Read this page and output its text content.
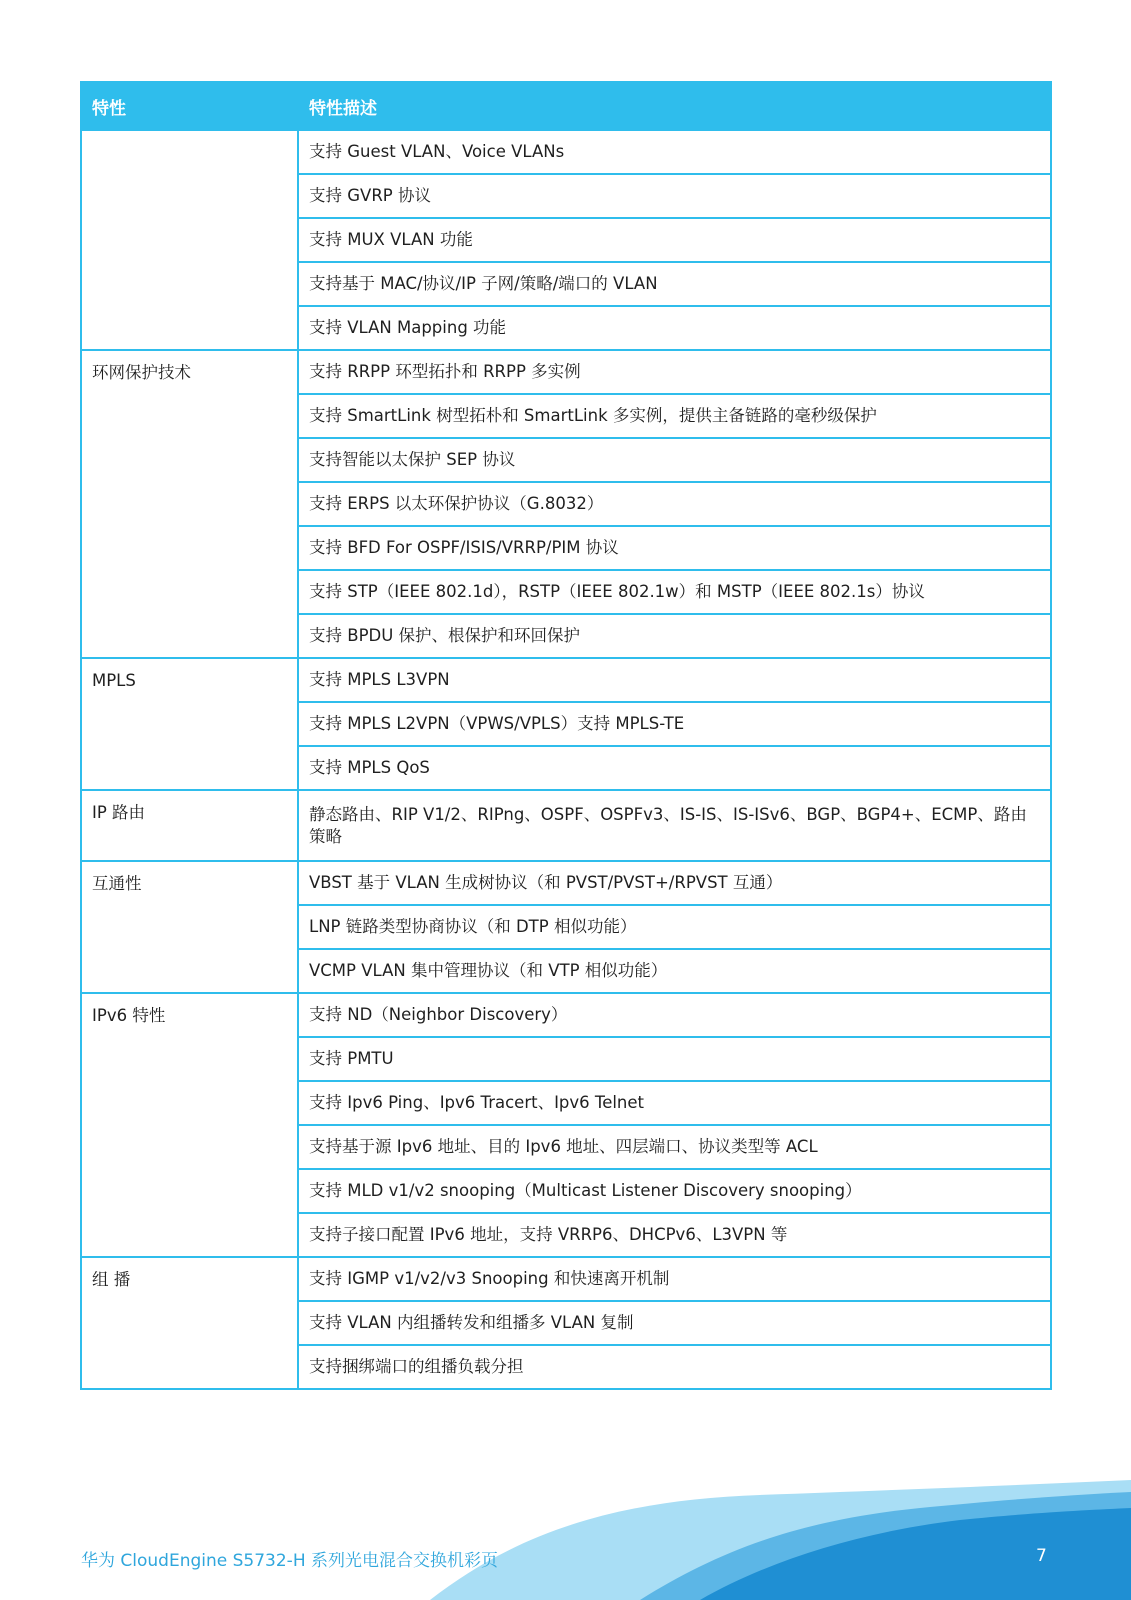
特性	特性描述
	支持 Guest VLAN、Voice VLANs
	支持 GVRP 协议
	支持 MUX VLAN 功能
	支持基于 MAC/协议/IP 子网/策略/端口的 VLAN
	支持 VLAN Mapping 功能
环网保护技术	支持 RRPP 环型拓扑和 RRPP 多实例
	支持 SmartLink 树型拓朴和 SmartLink 多实例，提供主备链路的毫秒级保护
	支持智能以太保护 SEP 协议
	支持 ERPS 以太环保护协议（G.8032）
	支持 BFD For OSPF/ISIS/VRRP/PIM 协议
	支持 STP（IEEE 802.1d），RSTP（IEEE 802.1w）和 MSTP（IEEE 802.1s）协议
	支持 BPDU 保护、根保护和环回保护
MPLS	支持 MPLS L3VPN
	支持 MPLS L2VPN（VPWS/VPLS）支持 MPLS-TE
	支持 MPLS QoS
IP 路由	静态路由、RIP V1/2、RIPng、OSPF、OSPFv3、IS-IS、IS-ISv6、BGP、BGP4+、ECMP、路由策略
互通性	VBST 基于 VLAN 生成树协议（和 PVST/PVST+/RPVST 互通）
	LNP 链路类型协商协议（和 DTP 相似功能）
	VCMP VLAN 集中管理协议（和 VTP 相似功能）
IPv6 特性	支持 ND（Neighbor Discovery）
	支持 PMTU
	支持 Ipv6 Ping、Ipv6 Tracert、Ipv6 Telnet
	支持基于源 Ipv6 地址、目的 Ipv6 地址、四层端口、协议类型等 ACL
	支持 MLD v1/v2 snooping（Multicast Listener Discovery snooping）
	支持子接口配置 IPv6 地址，支持 VRRP6、DHCPv6、L3VPN 等
组 播	支持 IGMP v1/v2/v3 Snooping 和快速离开机制
	支持 VLAN 内组播转发和组播多 VLAN 复制
	支持捆绑端口的组播负载分担
华为 CloudEngine S5732-H 系列光电混合交换机彩页	7
